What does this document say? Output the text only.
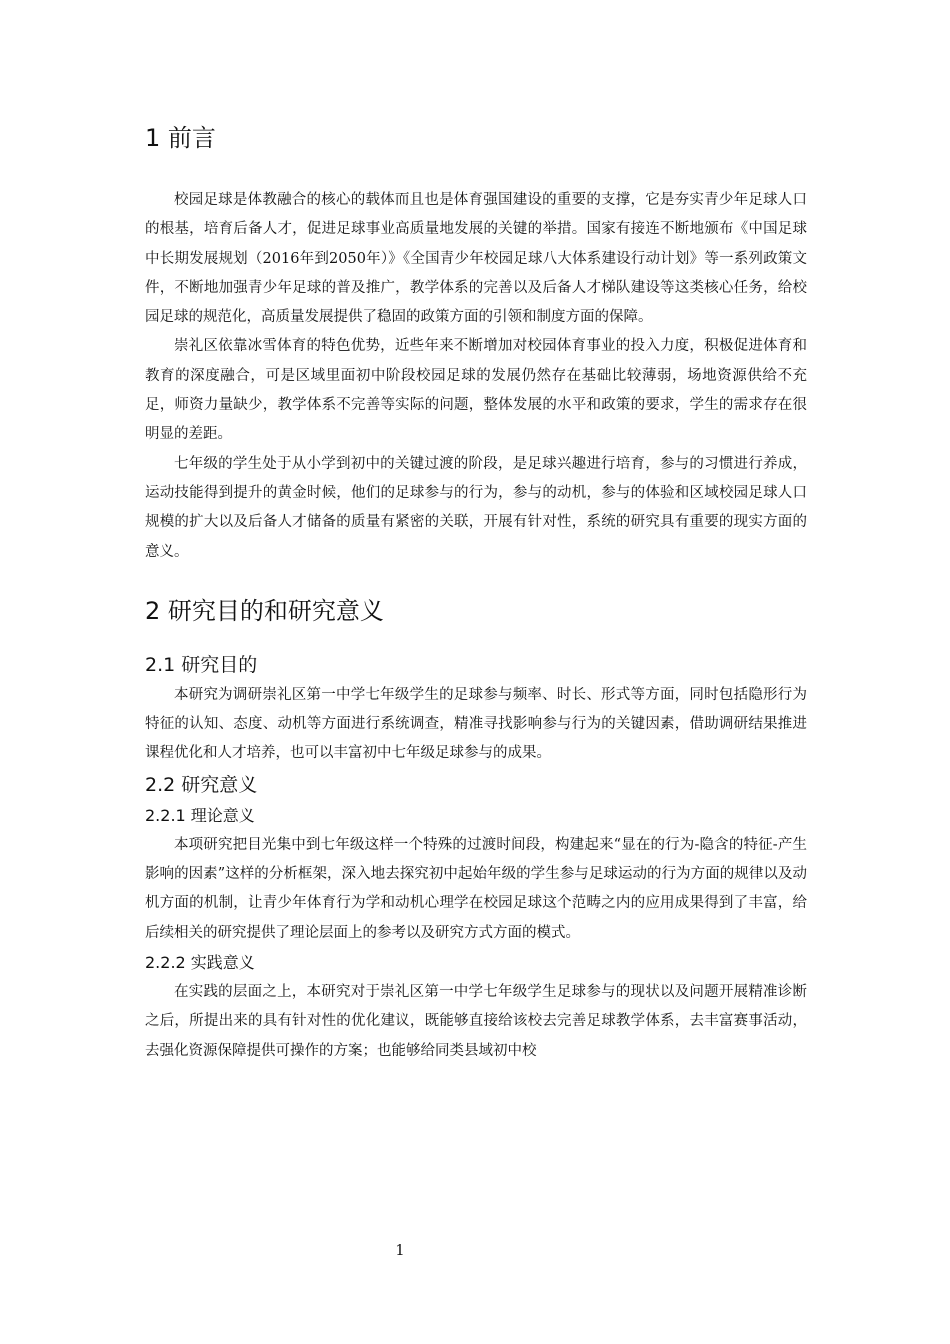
1 前言

校园足球是体教融合的核心的载体而且也是体育强国建设的重要的支撑，它是夯实青少年足球人口的根基，培育后备人才，促进足球事业高质量地发展的关键的举措。国家有接连不断地颁布《中国足球中长期发展规划（2016年到2050年）》《全国青少年校园足球八大体系建设行动计划》等一系列政策文件，不断地加强青少年足球的普及推广，教学体系的完善以及后备人才梯队建设等这类核心任务，给校园足球的规范化，高质量发展提供了稳固的政策方面的引领和制度方面的保障。

崇礼区依靠冰雪体育的特色优势，近些年来不断增加对校园体育事业的投入力度，积极促进体育和教育的深度融合，可是区域里面初中阶段校园足球的发展仍然存在基础比较薄弱，场地资源供给不充足，师资力量缺少，教学体系不完善等实际的问题，整体发展的水平和政策的要求，学生的需求存在很明显的差距。

七年级的学生处于从小学到初中的关键过渡的阶段，是足球兴趣进行培育，参与的习惯进行养成，运动技能得到提升的黄金时候，他们的足球参与的行为，参与的动机，参与的体验和区域校园足球人口规模的扩大以及后备人才储备的质量有紧密的关联，开展有针对性，系统的研究具有重要的现实方面的意义。

2 研究目的和研究意义
2.1 研究目的

本研究为调研崇礼区第一中学七年级学生的足球参与频率、时长、形式等方面，同时包括隐形行为特征的认知、态度、动机等方面进行系统调查，精准寻找影响参与行为的关键因素，借助调研结果推进课程优化和人才培养，也可以丰富初中七年级足球参与的成果。

2.2 研究意义
2.2.1 理论意义

本项研究把目光集中到七年级这样一个特殊的过渡时间段，构建起来“显在的行为-隐含的特征-产生影响的因素”这样的分析框架，深入地去探究初中起始年级的学生参与足球运动的行为方面的规律以及动机方面的机制，让青少年体育行为学和动机心理学在校园足球这个范畴之内的应用成果得到了丰富，给后续相关的研究提供了理论层面上的参考以及研究方式方面的模式。

2.2.2 实践意义

在实践的层面之上，本研究对于崇礼区第一中学七年级学生足球参与的现状以及问题开展精准诊断之后，所提出来的具有针对性的优化建议，既能够直接给该校去完善足球教学体系，去丰富赛事活动，去强化资源保障提供可操作的方案；也能够给同类县域初中校

1
